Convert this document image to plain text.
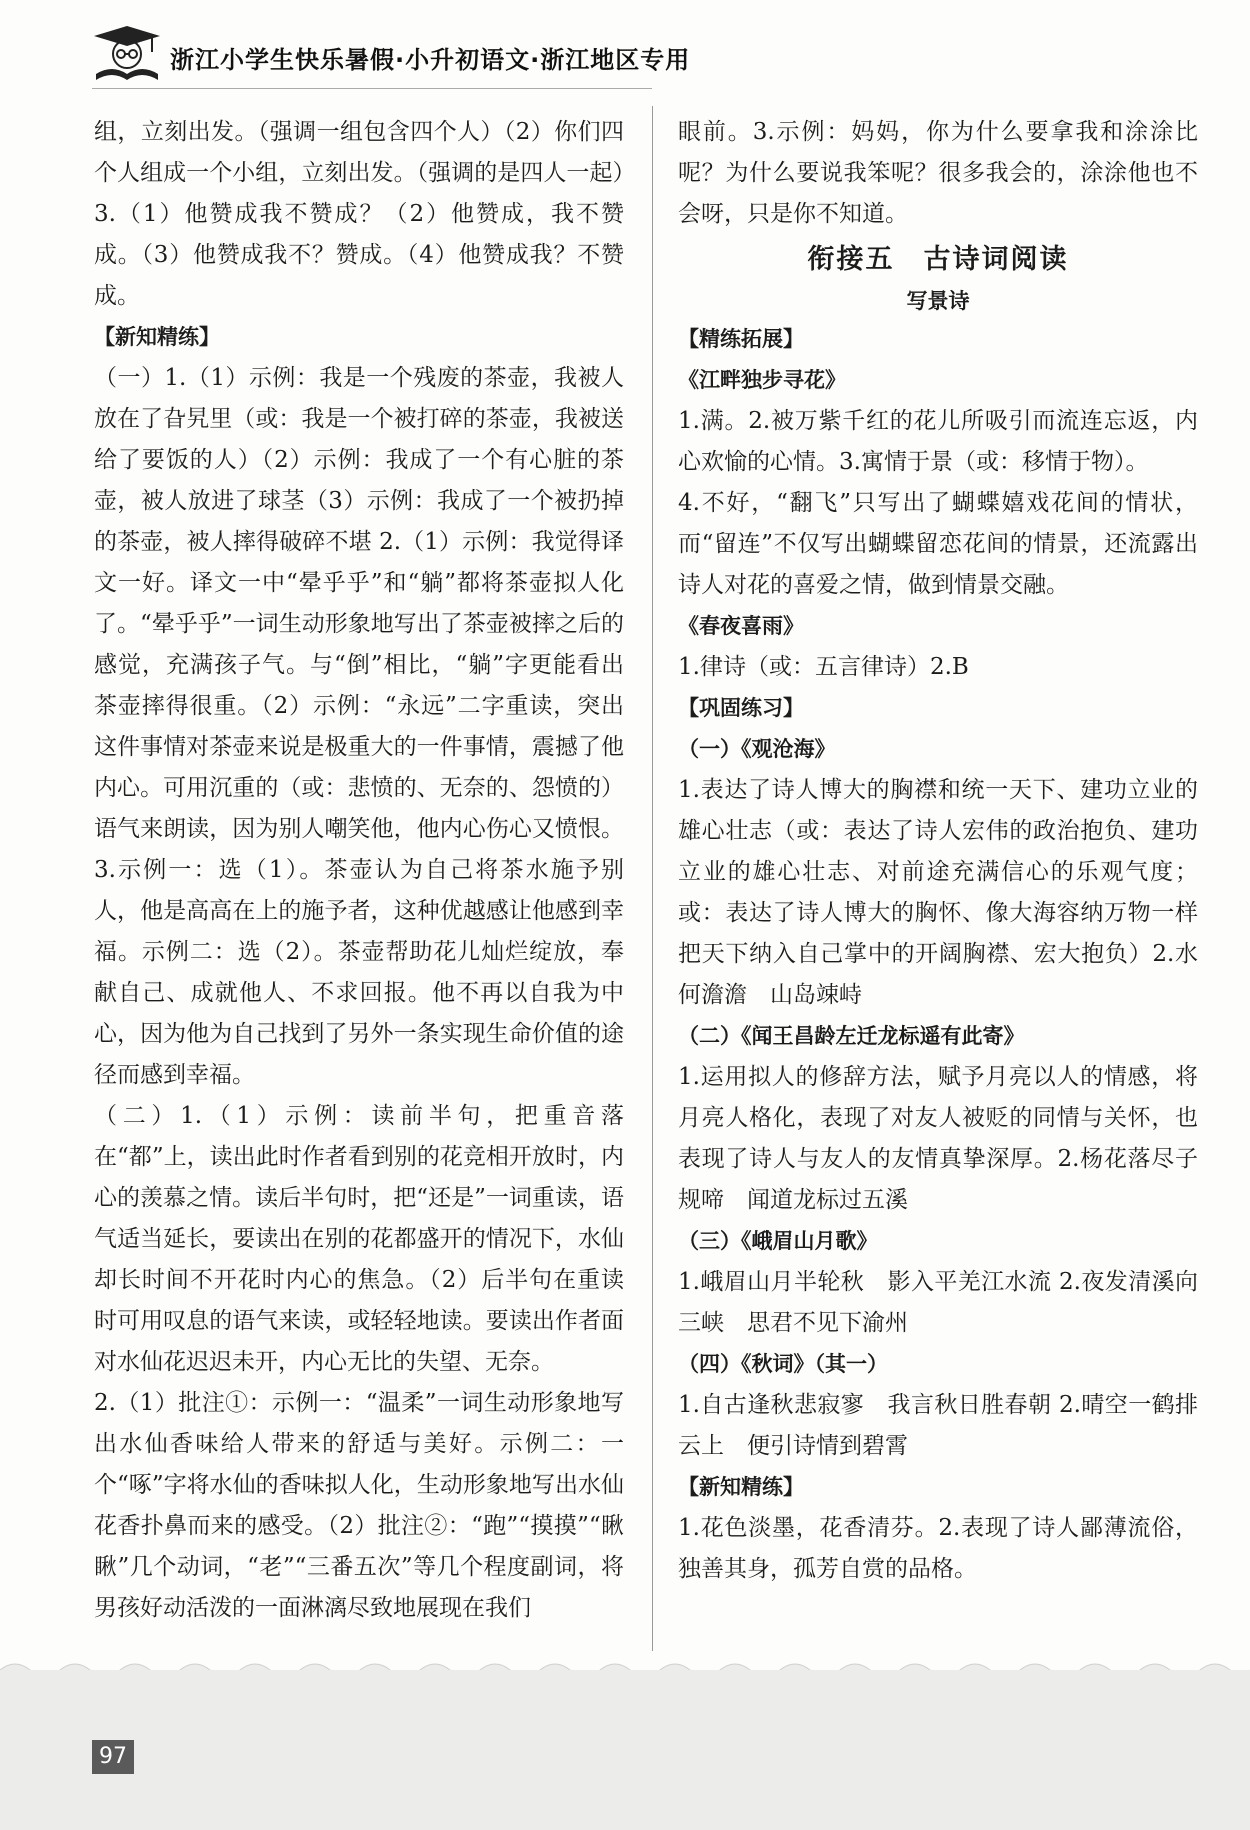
浙江小学生快乐暑假·小升初语文·浙江地区专用

组，立刻出发。（强调一组包含四个人）（2）你们四个人组成一个小组，立刻出发。（强调的是四人一起）3.（1）他赞成我不赞成？（2）他赞成，我不赞成。（3）他赞成我不？赞成。（4）他赞成我？不赞成。

【新知精练】

（一）1.（1）示例：我是一个残废的茶壶，我被人放在了旮旯里（或：我是一个被打碎的茶壶，我被送给了要饭的人）（2）示例：我成了一个有心脏的茶壶，被人放进了球茎（3）示例：我成了一个被扔掉的茶壶，被人摔得破碎不堪 2.（1）示例：我觉得译文一好。译文一中“晕乎乎”和“躺”都将茶壶拟人化了。“晕乎乎”一词生动形象地写出了茶壶被摔之后的感觉，充满孩子气。与“倒”相比，“躺”字更能看出茶壶摔得很重。（2）示例：“永远”二字重读，突出这件事情对茶壶来说是极重大的一件事情，震撼了他内心。可用沉重的（或：悲愤的、无奈的、怨愤的）语气来朗读，因为别人嘲笑他，他内心伤心又愤恨。3.示例一：选（1）。茶壶认为自己将茶水施予别人，他是高高在上的施予者，这种优越感让他感到幸福。示例二：选（2）。茶壶帮助花儿灿烂绽放，奉献自己、成就他人、不求回报。他不再以自我为中心，因为他为自己找到了另外一条实现生命价值的途径而感到幸福。

（二）1.（1）示例：读前半句，把重音落在“都”上，读出此时作者看到别的花竞相开放时，内心的羡慕之情。读后半句时，把“还是”一词重读，语气适当延长，要读出在别的花都盛开的情况下，水仙却长时间不开花时内心的焦急。（2）后半句在重读时可用叹息的语气来读，或轻轻地读。要读出作者面对水仙花迟迟未开，内心无比的失望、无奈。

2.（1）批注①：示例一：“温柔”一词生动形象地写出水仙香味给人带来的舒适与美好。示例二：一个“啄”字将水仙的香味拟人化，生动形象地写出水仙花香扑鼻而来的感受。（2）批注②：“跑”“摸摸”“瞅瞅”几个动词，“老”“三番五次”等几个程度副词，将男孩好动活泼的一面淋漓尽致地展现在我们

眼前。3.示例：妈妈，你为什么要拿我和涂涂比呢？为什么要说我笨呢？很多我会的，涂涂他也不会呀，只是你不知道。

衔接五　古诗词阅读

写景诗

【精练拓展】

《江畔独步寻花》

1.满。2.被万紫千红的花儿所吸引而流连忘返，内心欢愉的心情。3.寓情于景（或：移情于物）。

4.不好，“翻飞”只写出了蝴蝶嬉戏花间的情状，而“留连”不仅写出蝴蝶留恋花间的情景，还流露出诗人对花的喜爱之情，做到情景交融。

《春夜喜雨》

1.律诗（或：五言律诗）2.B

【巩固练习】

（一）《观沧海》

1.表达了诗人博大的胸襟和统一天下、建功立业的雄心壮志（或：表达了诗人宏伟的政治抱负、建功立业的雄心壮志、对前途充满信心的乐观气度；或：表达了诗人博大的胸怀、像大海容纳万物一样把天下纳入自己掌中的开阔胸襟、宏大抱负）2.水何澹澹　山岛竦峙

（二）《闻王昌龄左迁龙标遥有此寄》

1.运用拟人的修辞方法，赋予月亮以人的情感，将月亮人格化，表现了对友人被贬的同情与关怀，也表现了诗人与友人的友情真挚深厚。2.杨花落尽子规啼　闻道龙标过五溪

（三）《峨眉山月歌》

1.峨眉山月半轮秋　影入平羌江水流 2.夜发清溪向三峡　思君不见下渝州

（四）《秋词》（其一）

1.自古逢秋悲寂寥　我言秋日胜春朝 2.晴空一鹤排云上　便引诗情到碧霄

【新知精练】

1.花色淡墨，花香清芬。2.表现了诗人鄙薄流俗，独善其身，孤芳自赏的品格。

97
